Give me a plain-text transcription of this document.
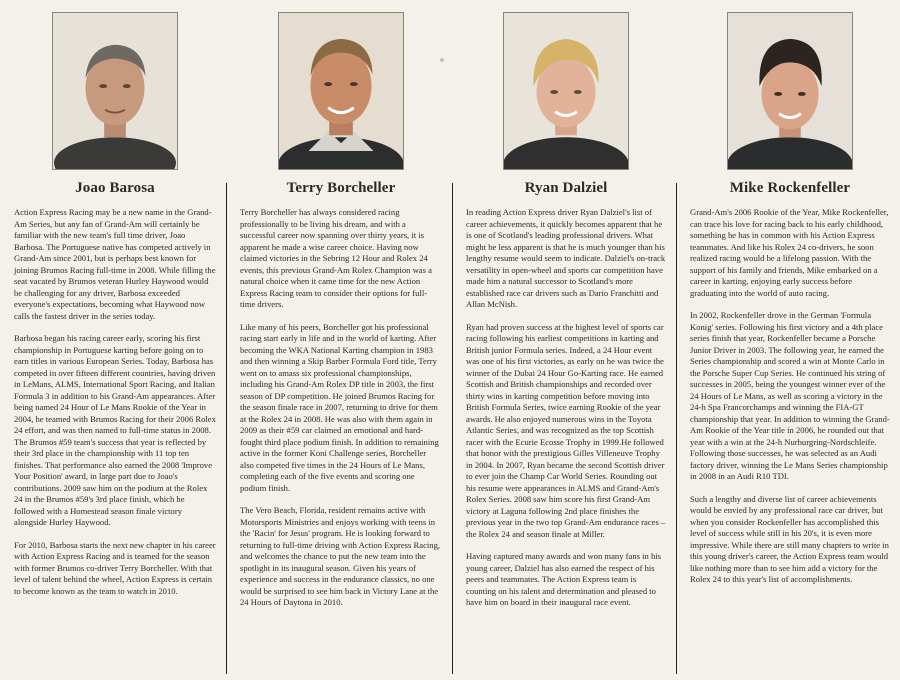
Joao Barosa

Action Express Racing may be a new name in the Grand-Am Series, but any fan of Grand-Am will certainly be familiar with the new team's full time driver, Joao Barbosa. The Portuguese native has competed actively in Grand-Am since 2001, but is perhaps best known for joining Brumos Racing full-time in 2008. While filling the seat vacated by Brumos veteran Hurley Haywood would be challenging for any driver, Barbosa exceeded everyone's expectations, becoming what Haywood now calls the fastest driver in the series today.

Barbosa began his racing career early, scoring his first championship in Portuguese karting before going on to earn titles in various European Series. Today, Barbosa has competed in over fifteen different countries, having driven in LeMans, ALMS, International Sport Racing, and Italian Formula 3 in addition to his Grand-Am appearances. After being named 24 Hour of Le Mans Rookie of the Year in 2004, he teamed with Brumos Racing for their 2006 Rolex 24 effort, and was then named to full-time status in 2008. The Brumos #59 team's success that year is reflected by their 3rd place in the championship with 11 top ten finishes. That performance also earned the 2008 'Improve Your Position' award, in large part due to Joao's contributions. 2009 saw him on the podium at the Rolex 24 in the Brumos #59's 3rd place finish, which he followed with a Homestead season finale victory alongside Hurley Haywood.

For 2010, Barbosa starts the next new chapter in his career with Action Express Racing and is teamed for the season with former Brumos co-driver Terry Borcheller. With that level of talent behind the wheel, Action Express is certain to become known as the team to watch in 2010.

Terry Borcheller

Terry Borcheller has always considered racing professionally to be living his dream, and with a successful career now spanning over thirty years, it is apparent he made a wise career choice. Having now claimed victories in the Sebring 12 Hour and Rolex 24 events, this previous Grand-Am Rolex Champion was a natural choice when it came time for the new Action Express Racing team to consider their options for full-time drivers.

Like many of his peers, Borcheller got his professional racing start early in life and in the world of karting. After becoming the WKA National Karting champion in 1983 and then winning a Skip Barber Formula Ford title, Terry went on to amass six professional championships, including his Grand-Am Rolex DP title in 2003, the first season of DP competition. He joined Brumos Racing for the season finale race in 2007, returning to drive for them at the Rolex 24 in 2008. He was also with them again in 2009 as their #59 car claimed an emotional and hard- fought third place podium finish. In addition to remaining active in the former Koni Challenge series, Borcheller also competed five times in the 24 Hours of Le Mans, completing each of the five events and scoring one podium finish.

The Vero Beach, Florida, resident remains active with Motorsports Ministries and enjoys working with teens in the 'Racin' for Jesus' program. He is looking forward to returning to full-time driving with Action Express Racing, and welcomes the chance to put the new team into the spotlight in its inaugural season. Given his years of experience and success in the endurance classics, no one would be surprised to see him back in Victory Lane at the 24 Hours of Daytona in 2010.

Ryan Dalziel

In reading Action Express driver Ryan Dalziel's list of career achievements, it quickly becomes apparent that he is one of Scotland's leading professional drivers. What might be less apparent is that he is much younger than his lengthy resume would seem to indicate. Dalziel's on-track versatility in open-wheel and sports car competition have made him a natural successor to Scotland's more established race car drivers such as Dario Franchitti and Allan McNish.

Ryan had proven success at the highest level of sports car racing following his earliest competitions in karting and British junior Formula series. Indeed, a 24 Hour event was one of his first victories, as early on he was twice the winner of the Dubai 24 Hour Go-Karting race. He earned Scottish and British championships and recorded over thirty wins in karting competition before moving into British Formula Series, twice earning Rookie of the year awards. He also enjoyed numerous wins in the Toyota Atlantic Series, and was recognized as the top Scottish racer with the Ecurie Ecosse Trophy in 1999.He followed that honor with the prestigious Gilles Villeneuve Trophy in 2004. In 2007, Ryan became the second Scottish driver to ever join the Champ Car World Series. Rounding out his resume were appearances in ALMS and Grand-Am's Rolex Series. 2008 saw him score his first Grand-Am victory at Laguna following 2nd place finishes the previous year in the two top Grand-Am endurance races – the Rolex 24 and season finale at Miller.

Having captured many awards and won many fans in his young career, Dalziel has also earned the respect of his peers and teammates. The Action Express team is counting on his talent and determination and pleased to have him on board in their inaugural race event.

Mike Rockenfeller

Grand-Am's 2006 Rookie of the Year, Mike Rockenfeller, can trace his love for racing back to his early childhood, something he has in common with his Action Express teammates. And like his Rolex 24 co-drivers, he soon realized racing would be a lifelong passion. With the support of his family and friends, Mike embarked on a career in karting, enjoying early success before graduating into the world of auto racing.

In 2002, Rockenfeller drove in the German 'Formula Konig' series. Following his first victory and a 4th place series finish that year, Rockenfeller became a Porsche Junior Driver in 2003. The following year, he earned the Series championship and scored a win at Monte Carlo in the Porsche Super Cup Series. He continued his string of successes in 2005, being the youngest winner ever of the 24 Hours of Le Mans, as well as scoring a victory in the 24-h Spa Francorchamps and winning the FIA-GT championship that year. In addition to winning the Grand-Am Rookie of the Year title in 2006, he rounded out that year with a win at the 24-h Nurburgring-Nordschleife. Following those successes, he was selected as an Audi factory driver, winning the Le Mans Series championship in 2008 in an Audi R10 TDI.

Such a lengthy and diverse list of career achievements would be envied by any professional race car driver, but when you consider Rockenfeller has accomplished this level of success while still in his 20's, it is even more impressive. While there are still many chapters to write in this young driver's career, the Action Express team would like nothing more than to see him add a victory for the Rolex 24 to this year's list of accomplishments.
